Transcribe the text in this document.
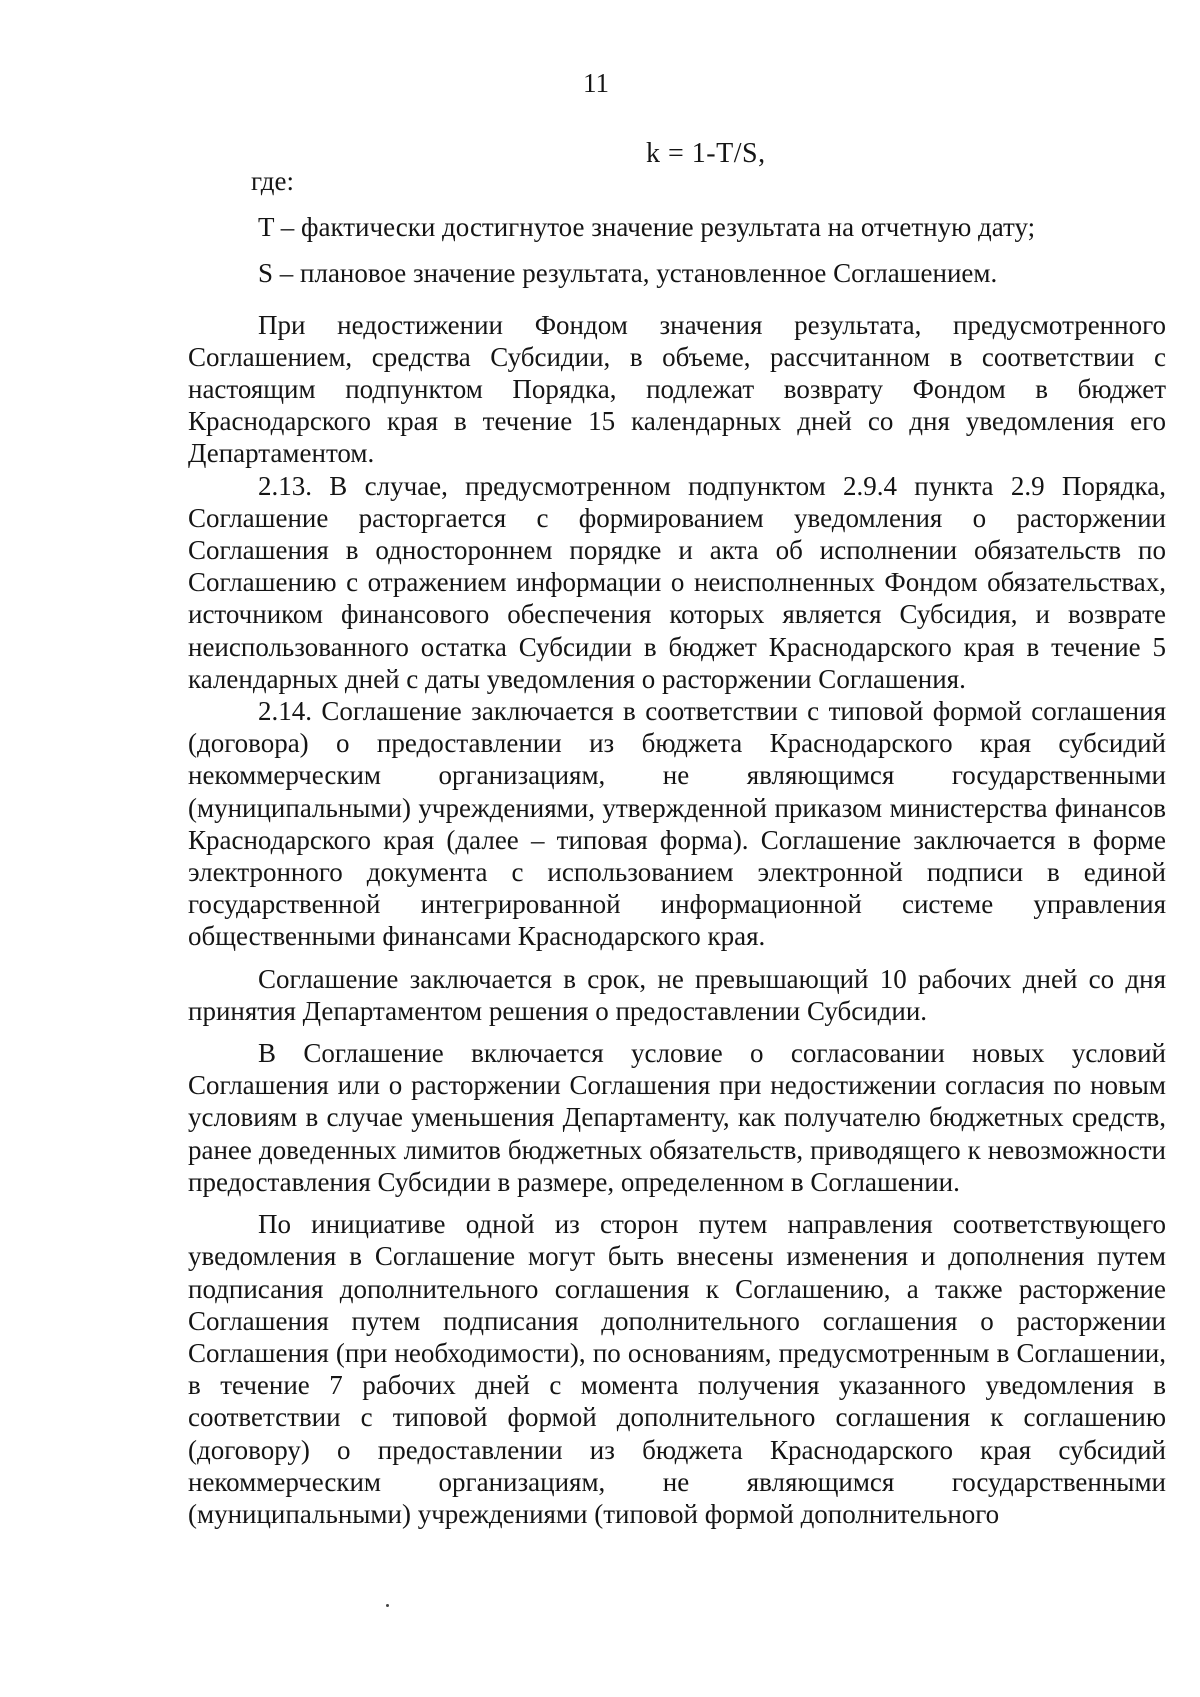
11
k = 1-T/S,

где:

T – фактически достигнутое значение результата на отчетную дату;

S – плановое значение результата, установленное Соглашением.

При недостижении Фондом значения результата, предусмотренного Соглашением, средства Субсидии, в объеме, рассчитанном в соответствии с настоящим подпунктом Порядка, подлежат возврату Фондом в бюджет Краснодарского края в течение 15 календарных дней со дня уведомления его Департаментом.

2.13. В случае, предусмотренном подпунктом 2.9.4 пункта 2.9 Порядка, Соглашение расторгается с формированием уведомления о расторжении Соглашения в одностороннем порядке и акта об исполнении обязательств по Соглашению с отражением информации о неисполненных Фондом обязательствах, источником финансового обеспечения которых является Субсидия, и возврате неиспользованного остатка Субсидии в бюджет Краснодарского края в течение 5 календарных дней с даты уведомления о расторжении Соглашения.

2.14. Соглашение заключается в соответствии с типовой формой соглашения (договора) о предоставлении из бюджета Краснодарского края субсидий некоммерческим организациям, не являющимся государственными (муниципальными) учреждениями, утвержденной приказом министерства финансов Краснодарского края (далее – типовая форма). Соглашение заключается в форме электронного документа с использованием электронной подписи в единой государственной интегрированной информационной системе управления общественными финансами Краснодарского края.

Соглашение заключается в срок, не превышающий 10 рабочих дней со дня принятия Департаментом решения о предоставлении Субсидии.

В Соглашение включается условие о согласовании новых условий Соглашения или о расторжении Соглашения при недостижении согласия по новым условиям в случае уменьшения Департаменту, как получателю бюджетных средств, ранее доведенных лимитов бюджетных обязательств, приводящего к невозможности предоставления Субсидии в размере, определенном в Соглашении.

По инициативе одной из сторон путем направления соответствующего уведомления в Соглашение могут быть внесены изменения и дополнения путем подписания дополнительного соглашения к Соглашению, а также расторжение Соглашения путем подписания дополнительного соглашения о расторжении Соглашения (при необходимости), по основаниям, предусмотренным в Соглашении, в течение 7 рабочих дней с момента получения указанного уведомления в соответствии с типовой формой дополнительного соглашения к соглашению (договору) о предоставлении из бюджета Краснодарского края субсидий некоммерческим организациям, не являющимся государственными (муниципальными) учреждениями (типовой формой дополнительного
